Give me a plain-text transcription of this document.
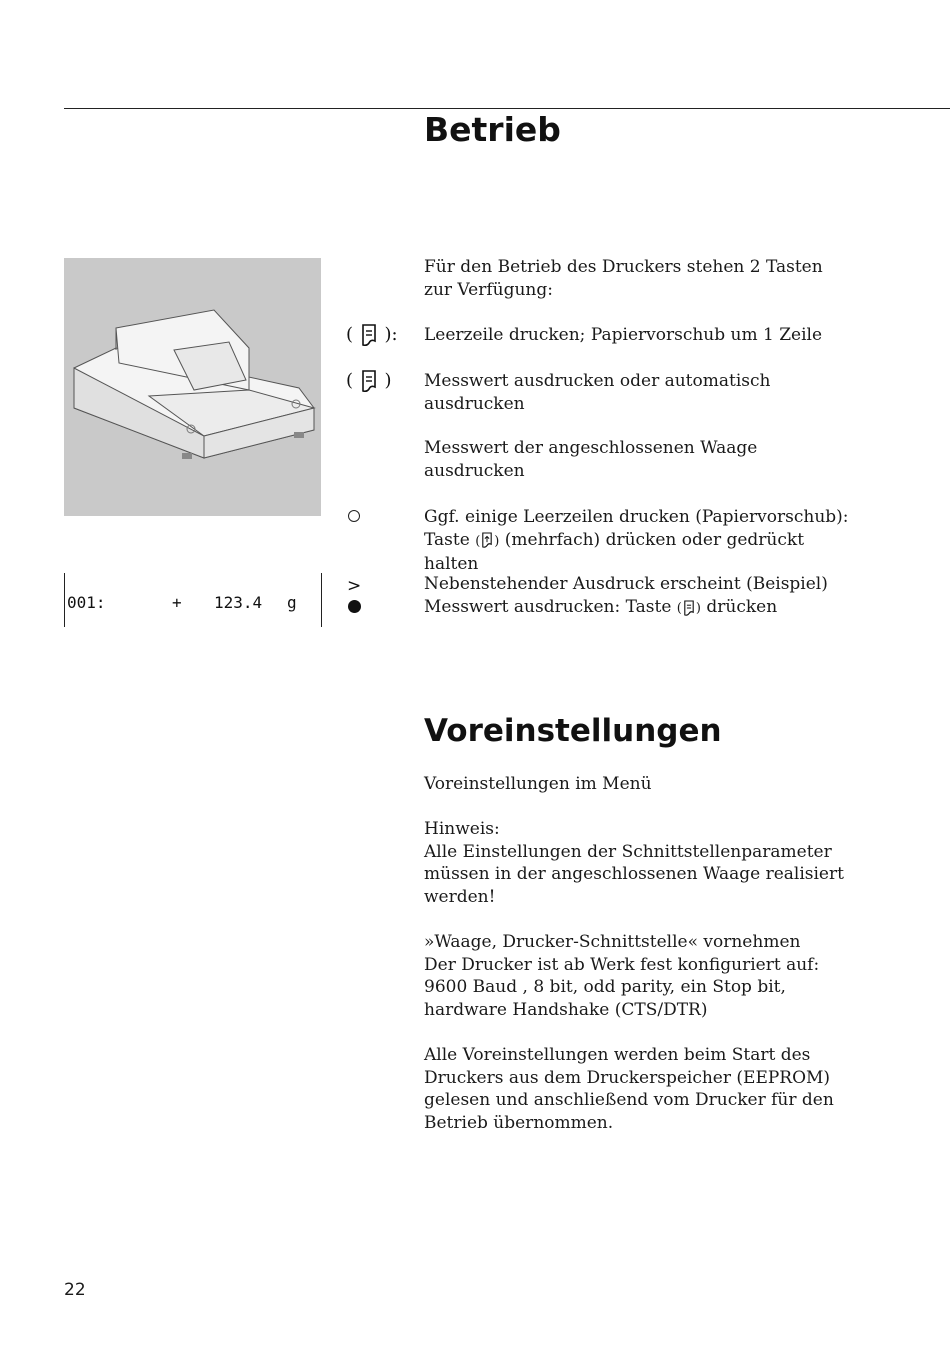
Betrieb
Für den Betrieb des Druckers stehen 2 Tasten
zur Verfügung:
( ): Leerzeile drucken; Papiervorschub um 1 Zeile
( ) Messwert ausdrucken oder automatisch
ausdrucken
Messwert der angeschlossenen Waage
ausdrucken
Ggf. einige Leerzeilen drucken (Papiervorschub):
Taste ( ) (mehrfach) drücken oder gedrückt
halten
>	Nebenstehender Ausdruck erscheint (Beispiel)
Messwert ausdrucken: Taste ( ) drücken
001:	+ 123.4 g
Voreinstellungen
Voreinstellungen im Menü
Hinweis:
Alle Einstellungen der Schnittstellenparameter
müssen in der angeschlossenen Waage realisiert
werden!
»Waage, Drucker-Schnittstelle« vornehmen
Der Drucker ist ab Werk fest konfiguriert auf:
9600 Baud , 8 bit, odd parity, ein Stop bit,
hardware Handshake (CTS/DTR)
Alle Voreinstellungen werden beim Start des
Druckers aus dem Druckerspeicher (EEPROM)
gelesen und anschließend vom Drucker für den
Betrieb übernommen.
22
